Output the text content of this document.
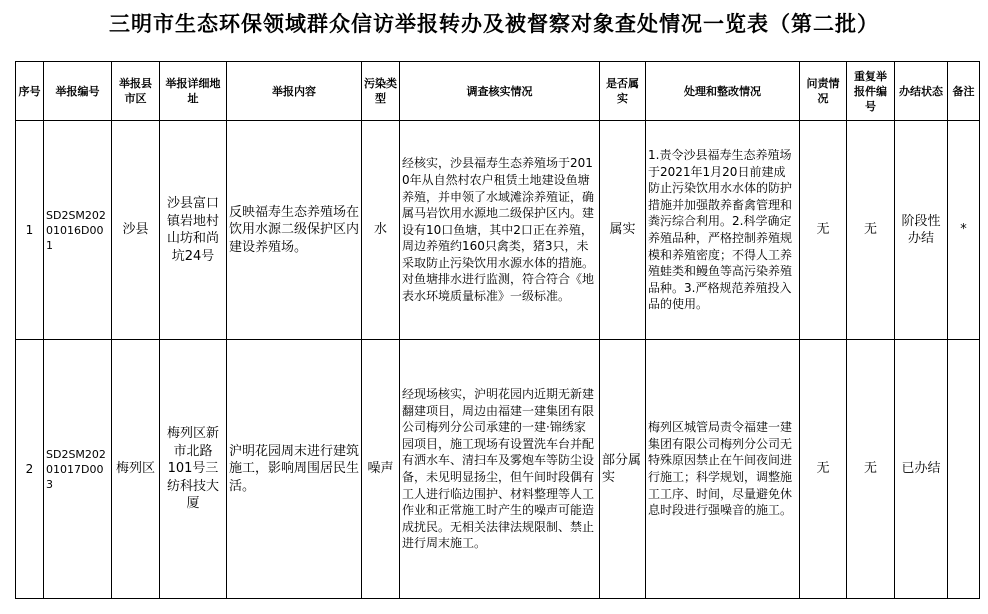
三明市生态环保领域群众信访举报转办及被督察对象查处情况一览表（第二批）
序号	举报编号	举报县市区	举报详细地址	举报内容	污染类型	调查核实情况	是否属实	处理和整改情况	问责情况	重复举报件编号	办结状态	备注
1	SD2SM20201016D001	沙县	沙县富口镇岩地村山坊和尚坑24号	反映福寿生态养殖场在饮用水源二级保护区内建设养殖场。	水	经核实，沙县福寿生态养殖场于2010年从自然村农户租赁土地建设鱼塘养殖，并申领了水域滩涂养殖证，确属马岩饮用水源地二级保护区内。建设有10口鱼塘，其中2口正在养殖，周边养殖约160只禽类，猪3只，未采取防止污染饮用水源水体的措施。对鱼塘排水进行监测，符合符合《地表水环境质量标准》一级标准。	属实	1.责令沙县福寿生态养殖场于2021年1月20日前建成防止污染饮用水水体的防护措施并加强散养畜禽管理和粪污综合利用。2.科学确定养殖品种，严格控制养殖规模和养殖密度；不得人工养殖蛙类和鳗鱼等高污染养殖品种。3.严格规范养殖投入品的使用。	无	无	阶段性办结	*
2	SD2SM20201017D003	梅列区	梅列区新市北路101号三纺科技大厦	沪明花园周末进行建筑施工，影响周围居民生活。	噪声	经现场核实，沪明花园内近期无新建翻建项目，周边由福建一建集团有限公司梅列分公司承建的一建·锦绣家园项目，施工现场有设置洗车台并配有洒水车、清扫车及雾炮车等防尘设备，未见明显扬尘，但午间时段偶有工人进行临边围护、材料整理等人工作业和正常施工时产生的噪声可能造成扰民。无相关法律法规限制、禁止进行周末施工。	部分属实	梅列区城管局责令福建一建集团有限公司梅列分公司无特殊原因禁止在午间夜间进行施工；科学规划，调整施工工序、时间，尽量避免休息时段进行强噪音的施工。	无	无	已办结	
